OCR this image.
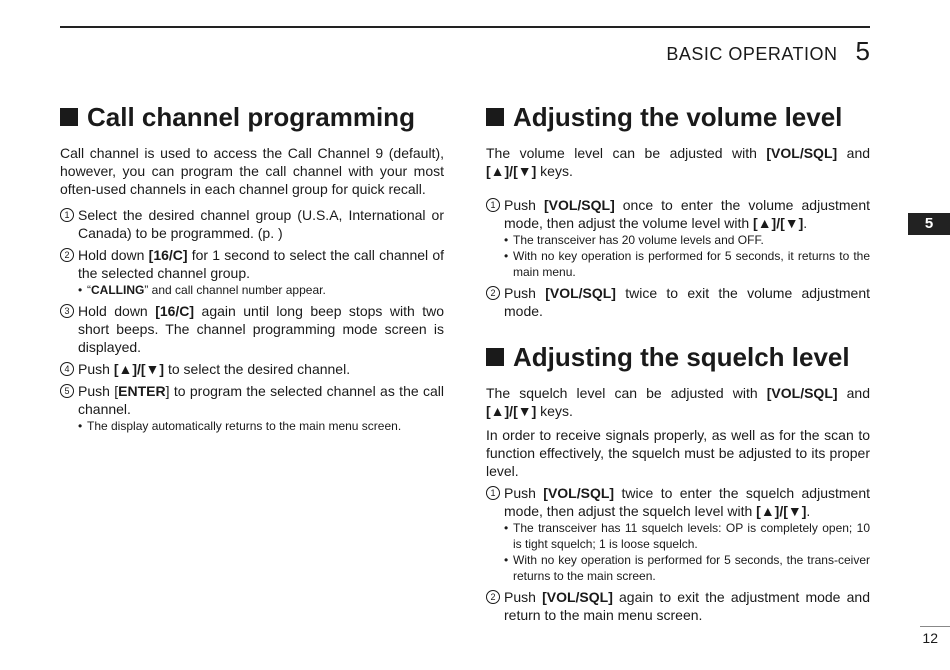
BASIC OPERATION 5
5
Call channel programming

Call channel is used to access the Call Channel 9 (default), however, you can program the call channel with your most often-used channels in each channel group for quick recall.

1 Select the desired channel group (U.S.A, International or Canada) to be programmed. (p. )
2 Hold down [16/C] for 1 second to select the call channel of the selected channel group.
• “CALLING” and call channel number appear.
3 Hold down [16/C] again until long beep stops with two short beeps. The channel programming mode screen is displayed.
4 Push [▲]/[▼] to select the desired channel.
5 Push [ENTER] to program the selected channel as the call channel.
• The display automatically returns to the main menu screen.
Adjusting the volume level

The volume level can be adjusted with [VOL/SQL] and [▲]/[▼] keys.

1 Push [VOL/SQL] once to enter the volume adjustment mode, then adjust the volume level with [▲]/[▼].
• The transceiver has 20 volume levels and OFF.
• With no key operation is performed for 5 seconds, it returns to the main menu.
2 Push [VOL/SQL] twice to exit the volume adjustment mode.
Adjusting the squelch level

The squelch level can be adjusted with [VOL/SQL] and [▲]/[▼] keys.

In order to receive signals properly, as well as for the scan to function effectively, the squelch must be adjusted to its proper level.

1 Push [VOL/SQL] twice to enter the squelch adjustment mode, then adjust the squelch level with [▲]/[▼].
• The transceiver has 11 squelch levels: OP is completely open; 10 is tight squelch; 1 is loose squelch.
• With no key operation is performed for 5 seconds, the trans-ceiver returns to the main screen.
2 Push [VOL/SQL] again to exit the adjustment mode and return to the main menu screen.
12
